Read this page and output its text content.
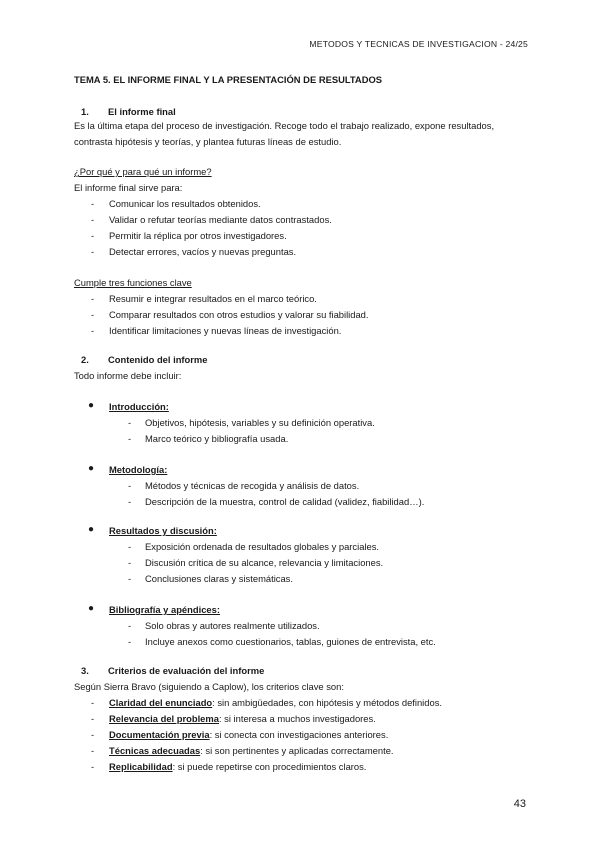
METODOS Y TECNICAS DE INVESTIGACION - 24/25
TEMA 5. EL INFORME FINAL Y LA PRESENTACIÓN DE RESULTADOS
1. El informe final
Es la última etapa del proceso de investigación. Recoge todo el trabajo realizado, expone resultados, contrasta hipótesis y teorías, y plantea futuras líneas de estudio.
¿Por qué y para qué un informe?
El informe final sirve para:
- Comunicar los resultados obtenidos.
- Validar o refutar teorías mediante datos contrastados.
- Permitir la réplica por otros investigadores.
- Detectar errores, vacíos y nuevas preguntas.
Cumple tres funciones clave
- Resumir e integrar resultados en el marco teórico.
- Comparar resultados con otros estudios y valorar su fiabilidad.
- Identificar limitaciones y nuevas líneas de investigación.
2. Contenido del informe
Todo informe debe incluir:
● Introducción:
- Objetivos, hipótesis, variables y su definición operativa.
- Marco teórico y bibliografía usada.
● Metodología:
- Métodos y técnicas de recogida y análisis de datos.
- Descripción de la muestra, control de calidad (validez, fiabilidad…).
● Resultados y discusión:
- Exposición ordenada de resultados globales y parciales.
- Discusión crítica de su alcance, relevancia y limitaciones.
- Conclusiones claras y sistemáticas.
● Bibliografía y apéndices:
- Solo obras y autores realmente utilizados.
- Incluye anexos como cuestionarios, tablas, guiones de entrevista, etc.
3. Criterios de evaluación del informe
Según Sierra Bravo (siguiendo a Caplow), los criterios clave son:
- Claridad del enunciado: sin ambigüedades, con hipótesis y métodos definidos.
- Relevancia del problema: si interesa a muchos investigadores.
- Documentación previa: si conecta con investigaciones anteriores.
- Técnicas adecuadas: si son pertinentes y aplicadas correctamente.
- Replicabilidad: si puede repetirse con procedimientos claros.
43
